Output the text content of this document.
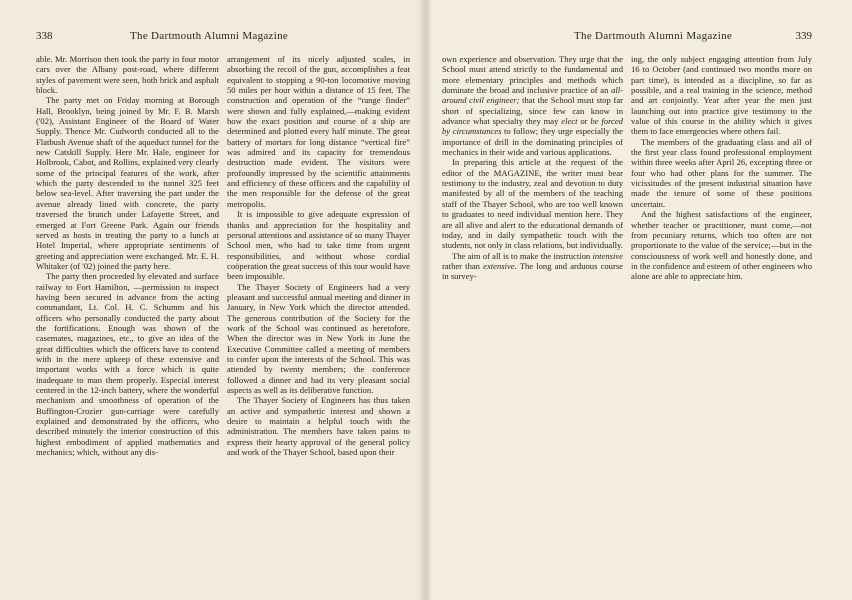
338	The Dartmouth Alumni Magazine

able. Mr. Morrison then took the party in four motor cars over the Albany post-road, where different styles of pavement were seen, both brick and asphalt block.

The party met on Friday morning at Borough Hall, Brooklyn, being joined by Mr. F. B. Marsh ('02), Assistant Engineer of the Board of Water Supply. Thence Mr. Cudworth conducted all to the Flatbush Avenue shaft of the aqueduct tunnel for the new Catskill Supply. Here Mr. Hale, engineer for Holbrook, Cabot, and Rollins, explained very clearly some of the principal features of the work, after which the party descended to the tunnel 325 feet below sea-level. After traversing the part under the avenue already lined with concrete, the party traversed the branch under Lafayette Street, and emerged at Fort Greene Park. Again our friends served as hosts in treating the party to a lunch at Hotel Imperial, where appropriate sentiments of greeting and appreciation were exchanged. Mr. E. H. Whitaker (of '02) joined the party here.

The party then proceeded by elevated and surface railway to Fort Hamilton, —permission to inspect having been secured in advance from the acting commandant, Lt. Col. H. C. Schumm and his officers who personally conducted the party about the fortifications. Enough was shown of the casemates, magazines, etc., to give an idea of the great difficulties which the officers have to contend with in the mere upkeep of these extensive and important works with a force which is quite inadequate to man them properly. Especial interest centered in the 12-inch battery, where the wonderful mechanism and smoothness of operation of the Buffington-Crozier gun-carriage were carefully explained and demonstrated by the officers, who described minutely the interior construction of this highest embodiment of applied mathematics and mechanics; which, without any dis-

arrangement of its nicely adjusted scales, in absorbing the recoil of the gun, accomplishes a feat equivalent to stopping a 90-ton locomotive moving 50 miles per hour within a distance of 15 feet. The construction and operation of the “range finder” were shown and fully explained,—making evident how the exact position and course of a ship are determined and plotted every half minute. The great battery of mortars for long distance “vertical fire” was admired and its capacity for tremendous destruction made evident. The visitors were profoundly impressed by the scientific attainments and efficiency of these officers and the capability of the men responsible for the defense of the great metropolis.

It is impossible to give adequate expression of thanks and appreciation for the hospitality and personal attentions and assistance of so many Thayer School men, who had to take time from urgent responsibilities, and without whose cordial coöperation the great success of this tour would have been impossible.

The Thayer Society of Engineers had a very pleasant and successful annual meeting and dinner in January, in New York which the director attended. The generous contribution of the Society for the work of the School was continued as heretofore. When the director was in New York in June the Executive Committee called a meeting of members to confer upon the interests of the School. This was attended by twenty members; the conference followed a dinner and had its very pleasant social aspects as well as its deliberative function.

The Thayer Society of Engineers has thus taken an active and sympathetic interest and shown a desire to maintain a helpful touch with the administration. The members have taken pains to express their hearty approval of the general policy and work of the Thayer School, based upon their

The Dartmouth Alumni Magazine	339

own experience and observation. They urge that the School must attend strictly to the fundamental and more elementary principles and methods which dominate the broad and inclusive practice of an all-around civil engineer; that the School must stop far short of specializing, since few can know in advance what specialty they may elect or be forced by circumstances to follow; they urge especially the importance of drill in the dominating principles of mechanics in their wide and various applications.

In preparing this article at the request of the editor of the MAGAZINE, the writer must bear testimony to the industry, zeal and devotion to duty manifested by all of the members of the teaching staff of the Thayer School, who are too well known to graduates to need individual mention here. They are all alive and alert to the educational demands of today, and in daily sympathetic touch with the students, not only in class relations, but individually.

The aim of all is to make the instruction intensive rather than extensive. The long and arduous course in survey-

ing, the only subject engaging attention from July 16 to October (and continued two months more on part time), is intended as a discipline, so far as possible, and a real training in the science, method and art conjointly. Year after year the men just launching out into practice give testimony to the value of this course in the ability which it gives them to face emergencies where others fail.

The members of the graduating class and all of the first year class found professional employment within three weeks after April 26, excepting three or four who had other plans for the summer. The vicissitudes of the present industrial situation have made the tenure of some of these positions uncertain.

And the highest satisfactions of the engineer, whether teacher or practitioner, must come,—not from pecuniary returns, which too often are not proportionate to the value of the service;—but in the consciousness of work well and honestly done, and in the confidence and esteem of other engineers who alone are able to appreciate him.
